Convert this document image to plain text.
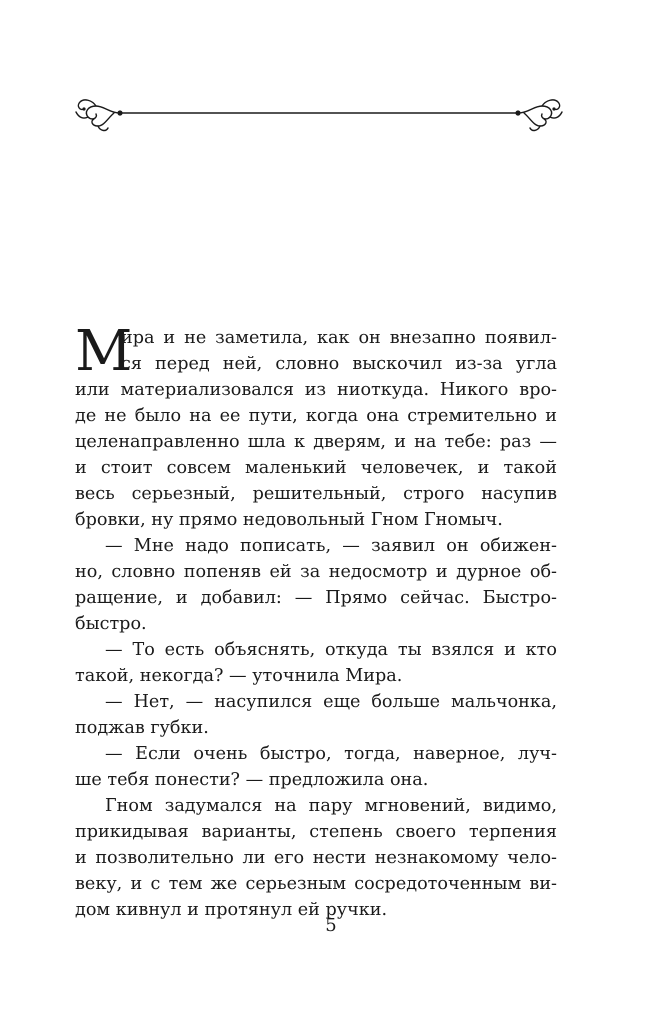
М
ира и не заметила, как он внезапно появил-
ся перед ней, словно выскочил из-за угла
или материализовался из ниоткуда. Никого вро-
де не было на ее пути, когда она стремительно и
целенаправленно шла к дверям, и на тебе: раз —
и стоит совсем маленький человечек, и такой
весь серьезный, решительный, строго насупив
бровки, ну прямо недовольный Гном Гномыч.

— Мне надо пописать, — заявил он обижен-
но, словно попеняв ей за недосмотр и дурное об-
ращение, и добавил: — Прямо сейчас. Быстро-
быстро.

— То есть объяснять, откуда ты взялся и кто
такой, некогда? — уточнила Мира.

— Нет, — насупился еще больше мальчонка,
поджав губки.

— Если очень быстро, тогда, наверное, луч-
ше тебя понести? — предложила она.

Гном задумался на пару мгновений, видимо,
прикидывая варианты, степень своего терпения
и позволительно ли его нести незнакомому чело-
веку, и с тем же серьезным сосредоточенным ви-
дом кивнул и протянул ей ручки.

5
